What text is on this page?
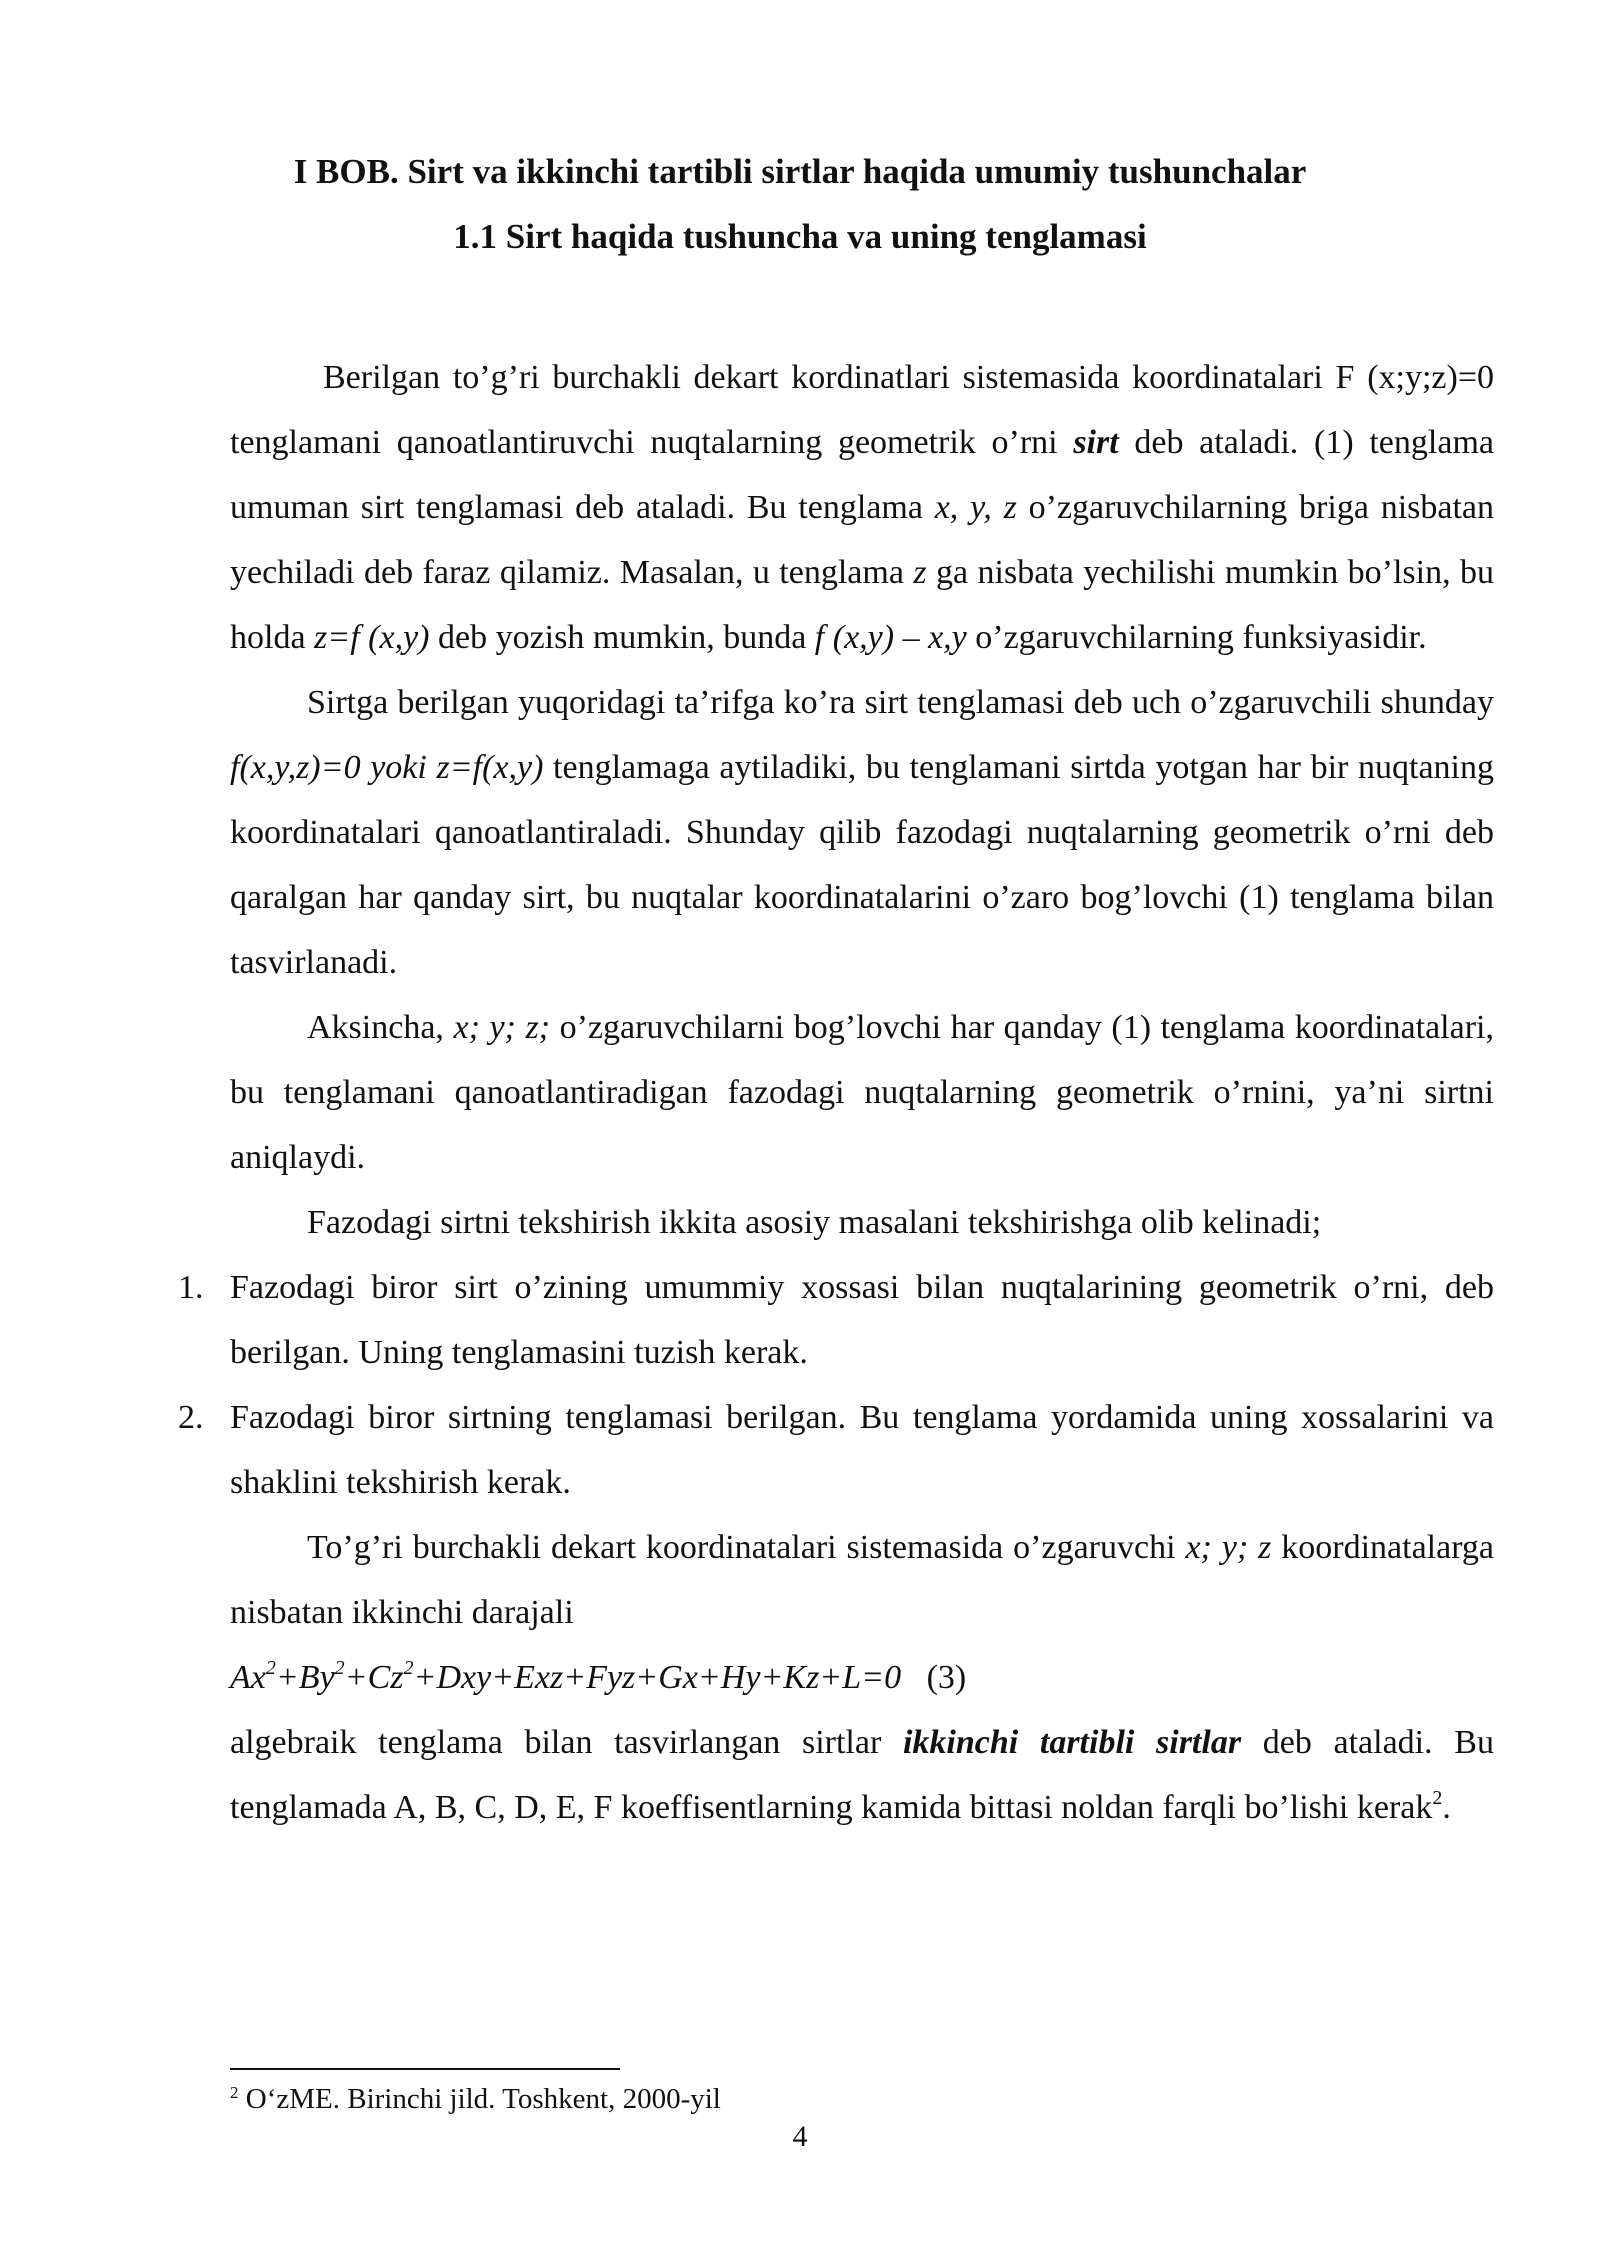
I BOB. Sirt va ikkinchi tartibli sirtlar haqida umumiy tushunchalar
1.1 Sirt haqida tushuncha va uning tenglamasi

Berilgan to’g’ri burchakli dekart kordinatlari sistemasida koordinatalari F (x;y;z)=0 tenglamani qanoatlantiruvchi nuqtalarning geometrik o’rni sirt deb ataladi. (1) tenglama umuman sirt tenglamasi deb ataladi. Bu tenglama x, y, z o’zgaruvchilarning briga nisbatan yechiladi deb faraz qilamiz. Masalan, u tenglama z ga nisbata yechilishi mumkin bo’lsin, bu holda z=f (x,y) deb yozish mumkin, bunda f (x,y) – x,y o’zgaruvchilarning funksiyasidir.

Sirtga berilgan yuqoridagi ta’rifga ko’ra sirt tenglamasi deb uch o’zgaruvchili shunday f(x,y,z)=0 yoki z=f(x,y) tenglamaga aytiladiki, bu tenglamani sirtda yotgan har bir nuqtaning koordinatalari qanoatlantiraladi. Shunday qilib fazodagi nuqtalarning geometrik o’rni deb qaralgan har qanday sirt, bu nuqtalar koordinatalarini o’zaro bog’lovchi (1) tenglama bilan tasvirlanadi.

Aksincha, x; y; z; o’zgaruvchilarni bog’lovchi har qanday (1) tenglama koordinatalari, bu tenglamani qanoatlantiradigan fazodagi nuqtalarning geometrik o’rnini, ya’ni sirtni aniqlaydi.

Fazodagi sirtni tekshirish ikkita asosiy masalani tekshirishga olib kelinadi;

1. Fazodagi biror sirt o’zining umummiy xossasi bilan nuqtalarining geometrik o’rni, deb berilgan. Uning tenglamasini tuzish kerak.
2. Fazodagi biror sirtning tenglamasi berilgan. Bu tenglama yordamida uning xossalarini va shaklini tekshirish kerak.

To’g’ri burchakli dekart koordinatalari sistemasida o’zgaruvchi x; y; z koordinatalarga nisbatan ikkinchi darajali

$Ax^2+By^2+Cz^2+Dxy+Exz+Fyz+Gx+Hy+Kz+L=0$ (3)

algebraik tenglama bilan tasvirlangan sirtlar ikkinchi tartibli sirtlar deb ataladi. Bu tenglamada A, B, C, D, E, F koeffisentlarning kamida bittasi noldan farqli bo’lishi kerak$^2$.

$^2$ O‘zME. Birinchi jild. Toshkent, 2000-yil
4
